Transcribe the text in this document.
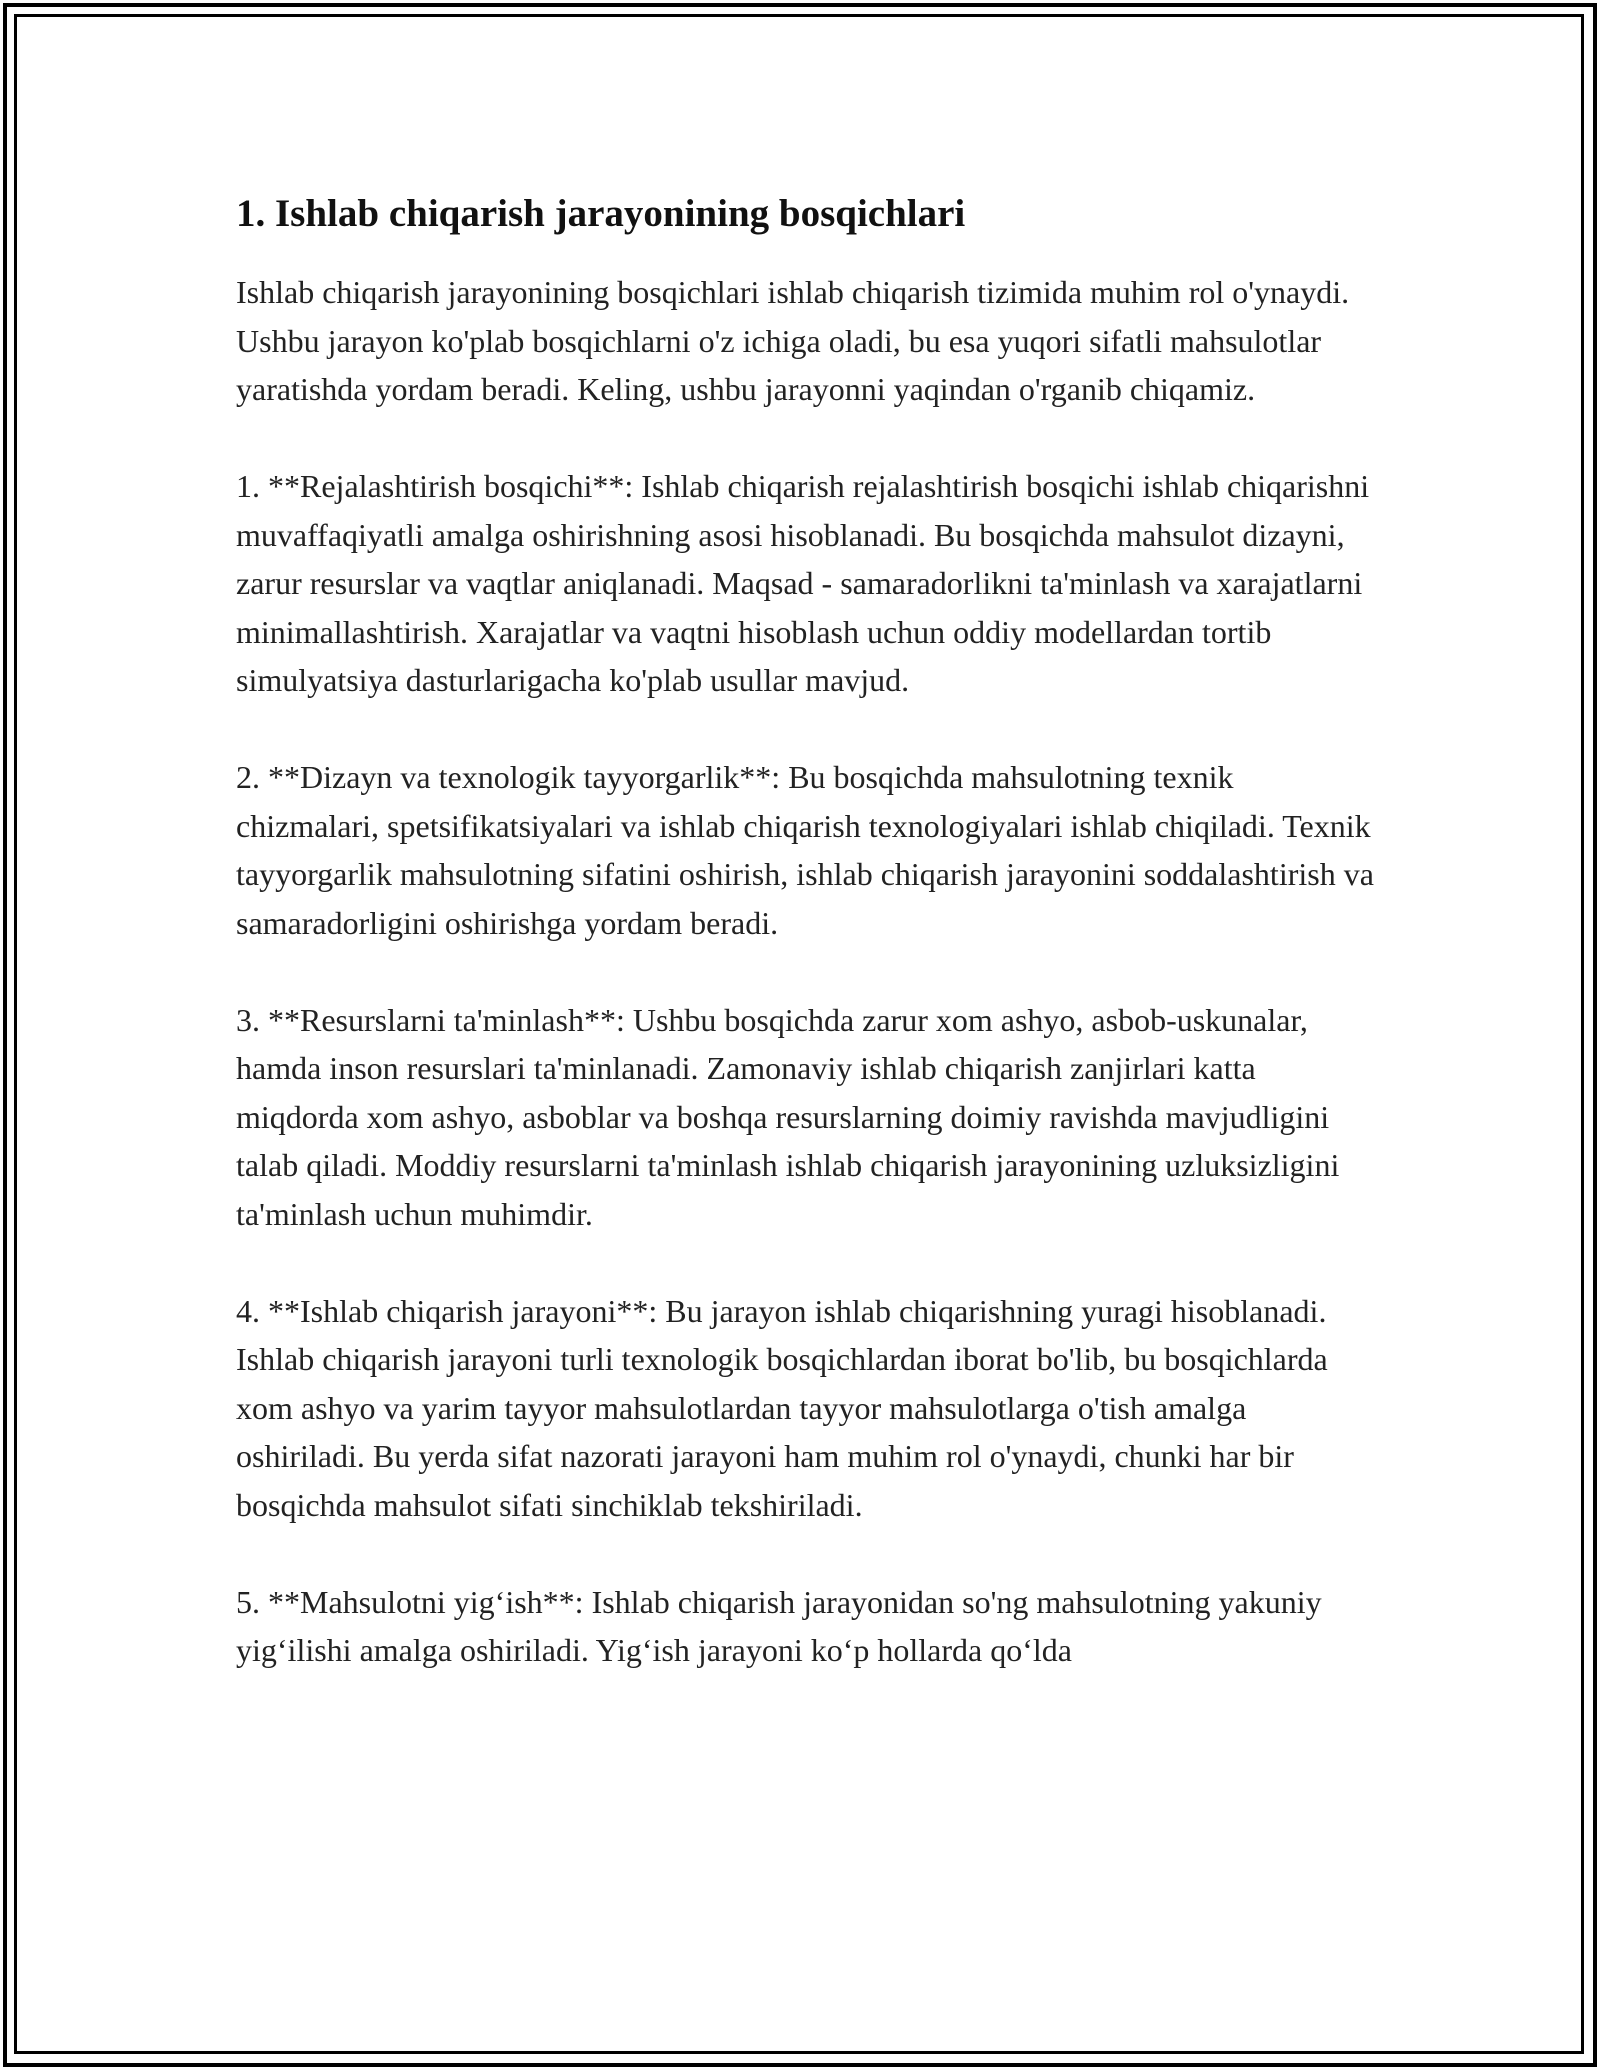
1. Ishlab chiqarish jarayonining bosqichlari

Ishlab chiqarish jarayonining bosqichlari ishlab chiqarish tizimida muhim rol o'ynaydi. Ushbu jarayon ko'plab bosqichlarni o'z ichiga oladi, bu esa yuqori sifatli mahsulotlar yaratishda yordam beradi. Keling, ushbu jarayonni yaqindan o'rganib chiqamiz.

1. **Rejalashtirish bosqichi**: Ishlab chiqarish rejalashtirish bosqichi ishlab chiqarishni muvaffaqiyatli amalga oshirishning asosi hisoblanadi. Bu bosqichda mahsulot dizayni, zarur resurslar va vaqtlar aniqlanadi. Maqsad - samaradorlikni ta'minlash va xarajatlarni minimallashtirish. Xarajatlar va vaqtni hisoblash uchun oddiy modellardan tortib simulyatsiya dasturlarigacha ko'plab usullar mavjud.

2. **Dizayn va texnologik tayyorgarlik**: Bu bosqichda mahsulotning texnik chizmalari, spetsifikatsiyalari va ishlab chiqarish texnologiyalari ishlab chiqiladi. Texnik tayyorgarlik mahsulotning sifatini oshirish, ishlab chiqarish jarayonini soddalashtirish va samaradorligini oshirishga yordam beradi.

3. **Resurslarni ta'minlash**: Ushbu bosqichda zarur xom ashyo, asbob-uskunalar, hamda inson resurslari ta'minlanadi. Zamonaviy ishlab chiqarish zanjirlari katta miqdorda xom ashyo, asboblar va boshqa resurslarning doimiy ravishda mavjudligini talab qiladi. Moddiy resurslarni ta'minlash ishlab chiqarish jarayonining uzluksizligini ta'minlash uchun muhimdir.

4. **Ishlab chiqarish jarayoni**: Bu jarayon ishlab chiqarishning yuragi hisoblanadi. Ishlab chiqarish jarayoni turli texnologik bosqichlardan iborat bo'lib, bu bosqichlarda xom ashyo va yarim tayyor mahsulotlardan tayyor mahsulotlarga o'tish amalga oshiriladi. Bu yerda sifat nazorati jarayoni ham muhim rol o'ynaydi, chunki har bir bosqichda mahsulot sifati sinchiklab tekshiriladi.

5. **Mahsulotni yig‘ish**: Ishlab chiqarish jarayonidan so'ng mahsulotning yakuniy yig‘ilishi amalga oshiriladi. Yig‘ish jarayoni ko‘p hollarda qo‘lda
